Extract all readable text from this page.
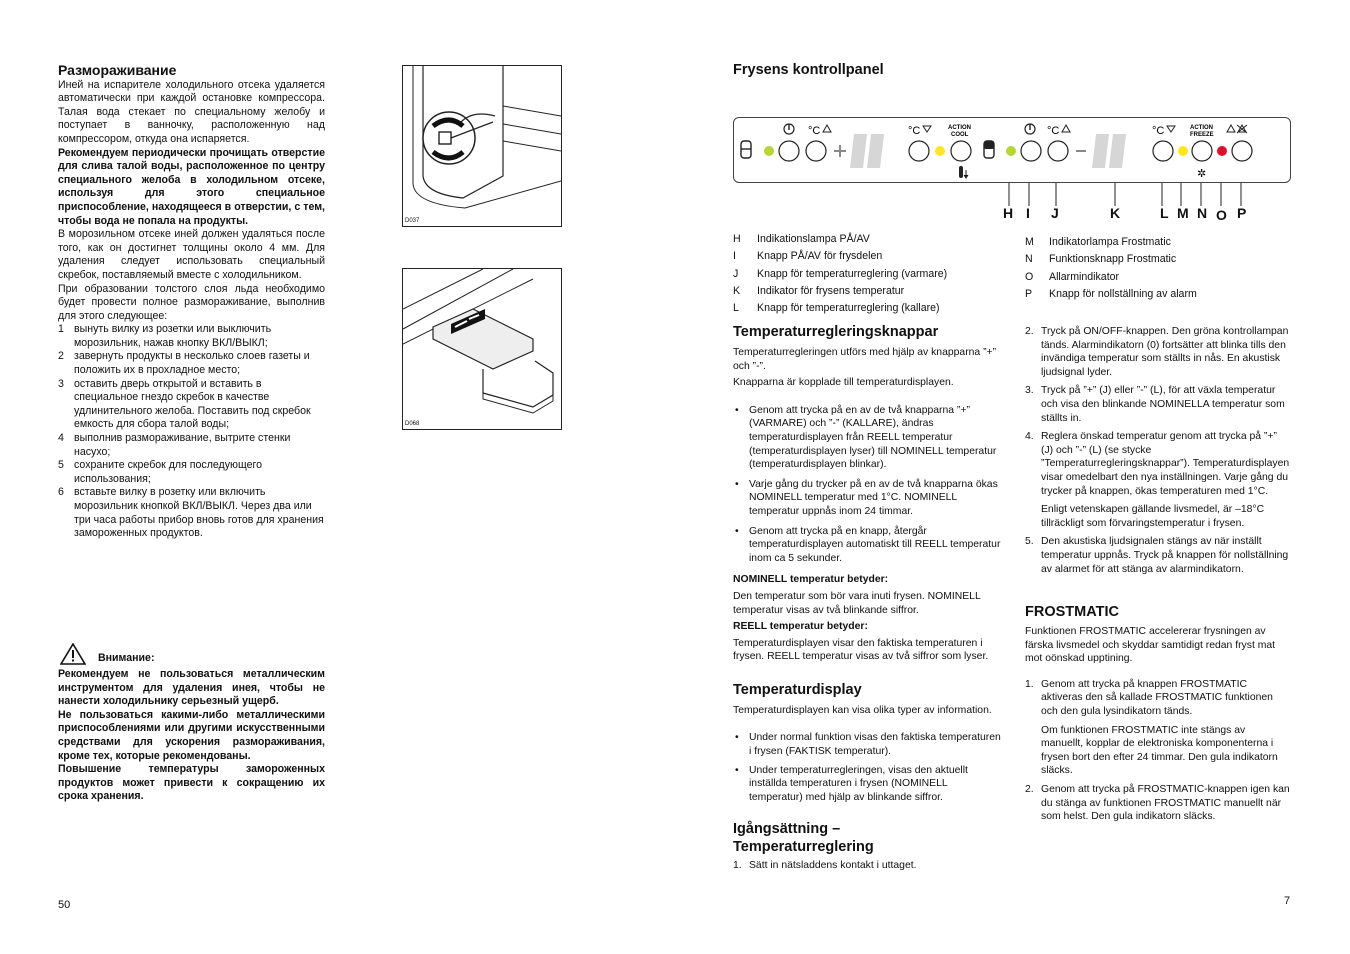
Размораживание

Иней на испарителе холодильного отсека удаляется автоматически при каждой остановке компрессора. Талая вода стекает по специальному желобу и поступает в ванночку, расположенную над компрессором, откуда она испаряется.

Рекомендуем периодически прочищать отверстие для слива талой воды, расположенное по центру специального желоба в холодильном отсеке, используя для этого специальное приспособление, находящееся в отверстии, с тем, чтобы вода не попала на продукты.

В морозильном отсеке иней должен удаляться после того, как он достигнет толщины около 4 мм. Для удаления следует использовать специальный скребок, поставляемый вместе с холодильником.

При образовании толстого слоя льда необходимо будет провести полное размораживание, выполнив для этого следующее:

1 вынуть вилку из розетки или выключить морозильник, нажав кнопку ВКЛ/ВЫКЛ;
2 завернуть продукты в несколько слоев газеты и положить их в прохладное место;
3 оставить дверь открытой и вставить в специальное гнездо скребок в качестве удлинительного желоба. Поставить под скребок емкость для сбора талой воды;
4 выполнив размораживание, вытрите стенки насухо;
5 сохраните скребок для последующего использования;
6 вставьте вилку в розетку или включить морозильник кнопкой ВКЛ/ВЫКЛ. Через два или три часа работы прибор вновь готов для хранения замороженных продуктов.
Внимание:

Рекомендуем не пользоваться металлическим инструментом для удаления инея, чтобы не нанести холодильнику серьезный ущерб.

Не пользоваться какими-либо металлическими приспособлениями или другими искусственными средствами для ускорения размораживания, кроме тех, которые рекомендованы.

Повышение температуры замороженных продуктов может привести к сокращению их срока хранения.

D037
D068
50
Frysens kontrollpanel
°C	°C	ACTION
COOL	°C	°C	ACTION
FREEZE
✲
H I J	K	L M N O P
H Indikationslampa PÅ/AV
I Knapp PÅ/AV för frysdelen
J Knapp för temperaturreglering (varmare)
K Indikator för frysens temperatur
L Knapp för temperaturreglering (kallare)
M Indikatorlampa Frostmatic
N Funktionsknapp Frostmatic
O Allarmindikator
P Knapp för nollställning av alarm
Temperaturregleringsknappar

Temperaturregleringen utförs med hjälp av knapparna ”+” och ”-”.

Knapparna är kopplade till temperaturdisplayen.

• Genom att trycka på en av de två knapparna ”+” (VARMARE) och ”-” (KALLARE), ändras temperaturdisplayen från REELL temperatur (temperaturdisplayen lyser) till NOMINELL temperatur (temperaturdisplayen blinkar).
• Varje gång du trycker på en av de två knapparna ökas NOMINELL temperatur med 1°C. NOMINELL temperatur uppnås inom 24 timmar.
• Genom att trycka på en knapp, återgår temperaturdisplayen automatiskt till REELL temperatur inom ca 5 sekunder.

NOMINELL temperatur betyder:

Den temperatur som bör vara inuti frysen. NOMINELL temperatur visas av två blinkande siffror.

REELL temperatur betyder:

Temperaturdisplayen visar den faktiska temperaturen i frysen. REELL temperatur visas av två siffror som lyser.

Temperaturdisplay

Temperaturdisplayen kan visa olika typer av information.

• Under normal funktion visas den faktiska temperaturen i frysen (FAKTISK temperatur).
• Under temperaturregleringen, visas den aktuellt inställda temperaturen i frysen (NOMINELL temperatur) med hjälp av blinkande siffror.
Igångsättning –
Temperaturreglering
1. Sätt in nätsladdens kontakt i uttaget.
2. Tryck på ON/OFF-knappen. Den gröna kontrollampan tänds. Alarmindikatorn (0) fortsätter att blinka tills den invändiga temperatur som ställts in nås. En akustisk ljudsignal lyder.
3. Tryck på ”+” (J) eller ”-” (L), för att växla temperatur och visa den blinkande NOMINELLA temperatur som ställts in.
4. Reglera önskad temperatur genom att trycka på ”+” (J) och ”-” (L) (se stycke ”Temperaturregleringsknappar”). Temperaturdisplayen visar omedelbart den nya inställningen. Varje gång du trycker på knappen, ökas temperaturen med 1°C.
Enligt vetenskapen gällande livsmedel, är –18°C tillräckligt som förvaringstemperatur i frysen.
5. Den akustiska ljudsignalen stängs av när inställt temperatur uppnås. Tryck på knappen för nollställning av alarmet för att stänga av alarmindikatorn.
FROSTMATIC

Funktionen FROSTMATIC accelererar frysningen av färska livsmedel och skyddar samtidigt redan fryst mat mot oönskad upptining.

1. Genom att trycka på knappen FROSTMATIC aktiveras den så kallade FROSTMATIC funktionen och den gula lysindikatorn tänds.
Om funktionen FROSTMATIC inte stängs av manuellt, kopplar de elektroniska komponenterna i frysen bort den efter 24 timmar. Den gula indikatorn släcks.
2. Genom att trycka på FROSTMATIC-knappen igen kan du stänga av funktionen FROSTMATIC manuellt när som helst. Den gula indikatorn släcks.
7
